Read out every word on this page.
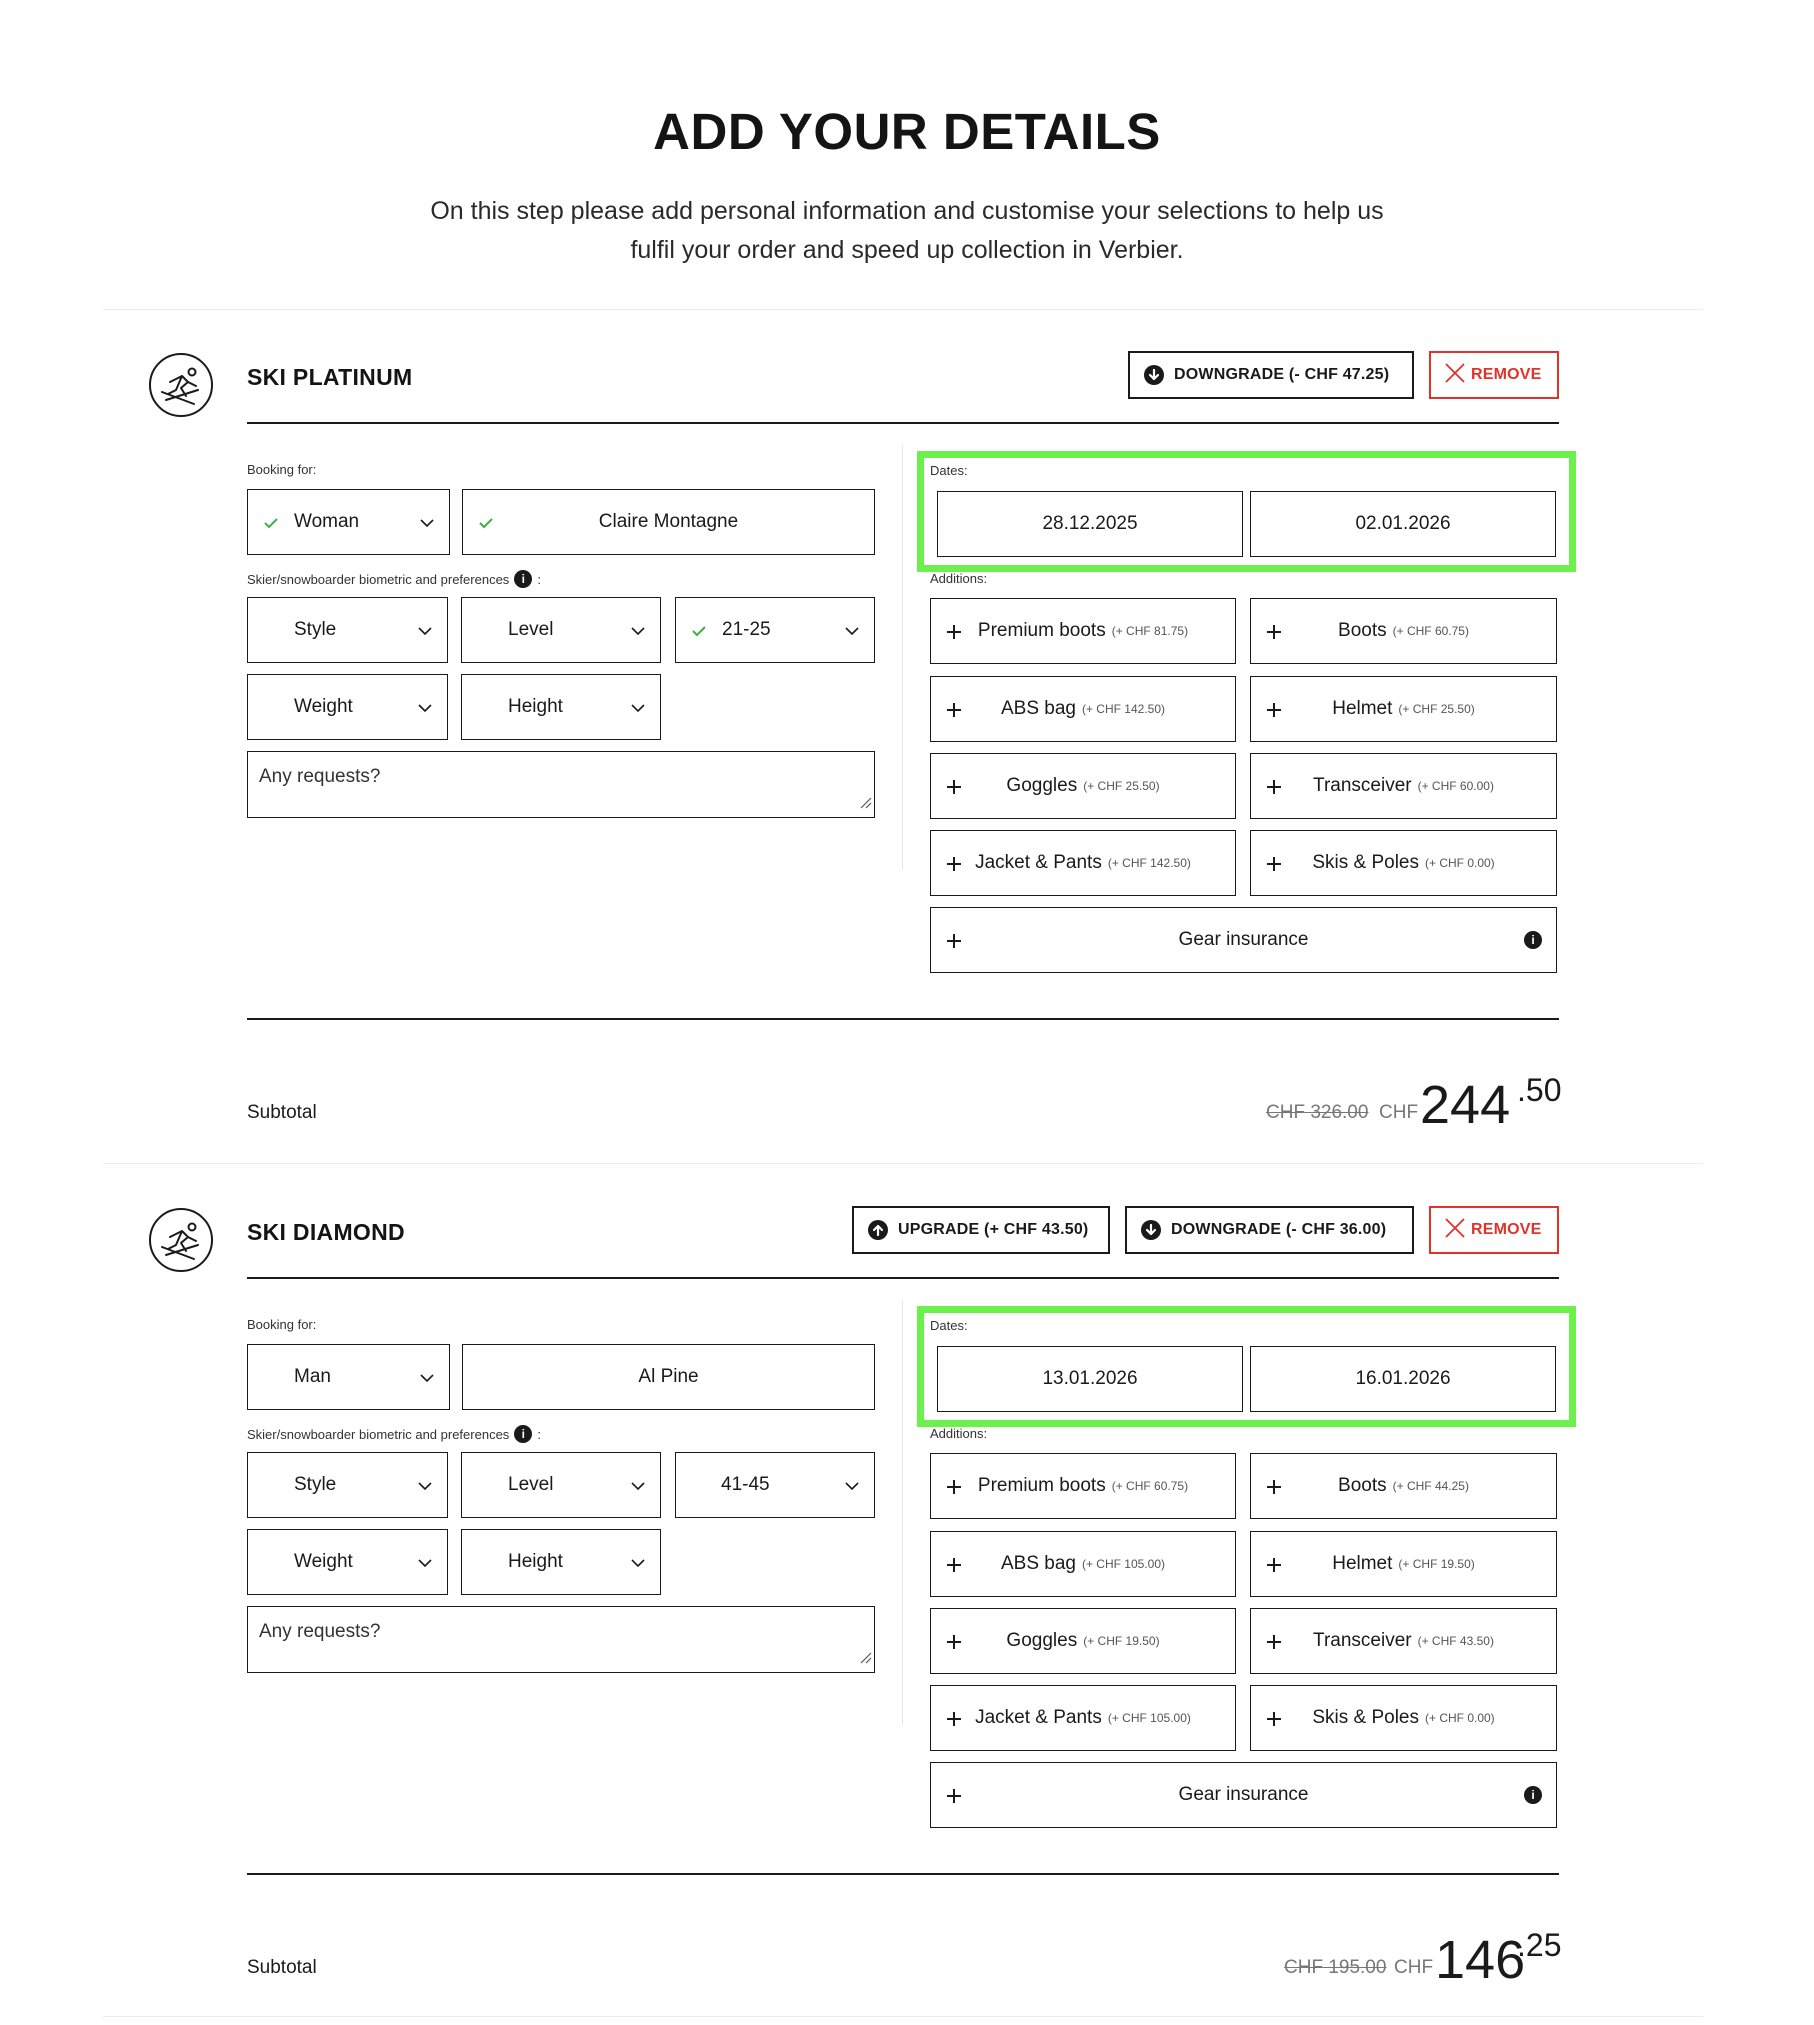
ADD YOUR DETAILS
On this step please add personal information and customise your selections to help us
fulfil your order and speed up collection in Verbier.
SKI PLATINUM	DOWNGRADE (- CHF 47.25)	REMOVE
Booking for:
Woman	Claire Montagne
Skier/snowboarder biometric and preferences	i :
Style	Level	21-25
Weight	Height
Any requests?
Dates:
28.12.2025	02.01.2026
Additions:
Premium boots (+ CHF 81.75)	Boots (+ CHF 60.75)
ABS bag (+ CHF 142.50)	Helmet (+ CHF 25.50)
Goggles (+ CHF 25.50)	Transceiver (+ CHF 60.00)
Jacket & Pants (+ CHF 142.50)	Skis & Poles (+ CHF 0.00)
Gear insurance	i
Subtotal	CHF 326.00 CHF 244 .50
SKI DIAMOND	UPGRADE (+ CHF 43.50)	DOWNGRADE (- CHF 36.00)	REMOVE
Booking for:
Man	Al Pine
Skier/snowboarder biometric and preferences	i :
Style	Level	41-45
Weight	Height
Any requests?
Dates:
13.01.2026	16.01.2026
Additions:
Premium boots (+ CHF 60.75)	Boots (+ CHF 44.25)
ABS bag (+ CHF 105.00)	Helmet (+ CHF 19.50)
Goggles (+ CHF 19.50)	Transceiver (+ CHF 43.50)
Jacket & Pants (+ CHF 105.00)	Skis & Poles (+ CHF 0.00)
Gear insurance	i
Subtotal	CHF 195.00 CHF 146
.25
